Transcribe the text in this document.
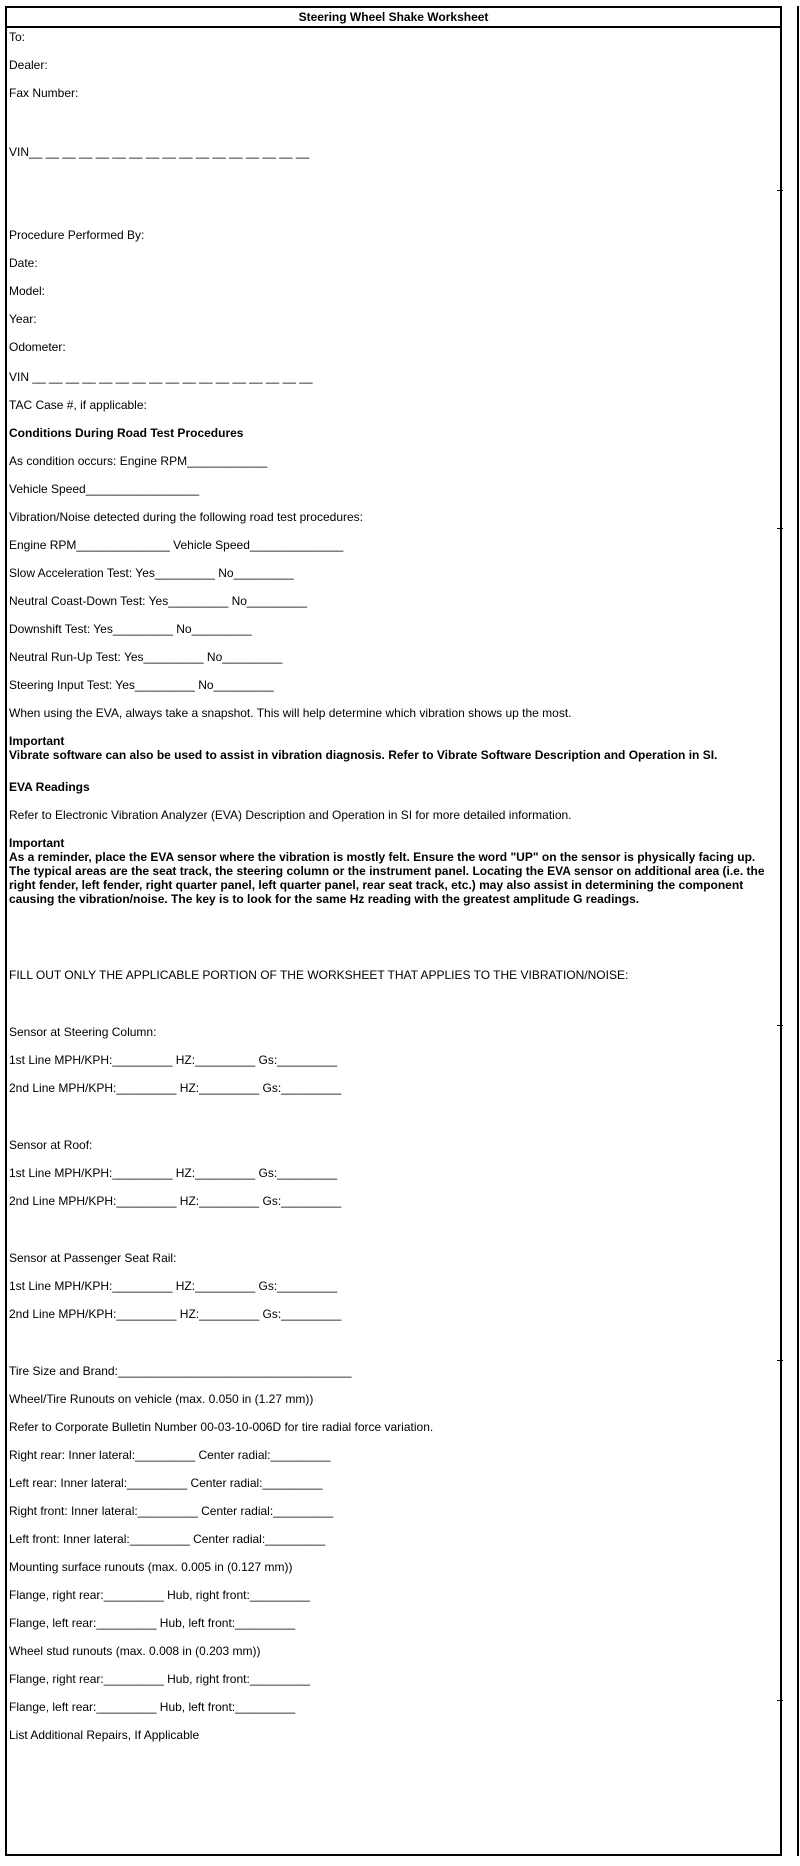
Steering Wheel Shake Worksheet
To:
Dealer:
Fax Number:
VIN__ __ __ __ __ __ __ __ __ __ __ __ __ __ __ __ __
Procedure Performed By:
Date:
Model:
Year:
Odometer:
VIN __ __ __ __ __ __ __ __ __ __ __ __ __ __ __ __ __
TAC Case #, if applicable:
Conditions During Road Test Procedures
As condition occurs: Engine RPM____________
Vehicle Speed_________________
Vibration/Noise detected during the following road test procedures:
Engine RPM______________ Vehicle Speed______________
Slow Acceleration Test: Yes_________ No_________
Neutral Coast-Down Test: Yes_________ No_________
Downshift Test: Yes_________ No_________
Neutral Run-Up Test: Yes_________ No_________
Steering Input Test: Yes_________ No_________
When using the EVA, always take a snapshot. This will help determine which vibration shows up the most.
Important
Vibrate software can also be used to assist in vibration diagnosis. Refer to Vibrate Software Description and Operation in SI.
EVA Readings
Refer to Electronic Vibration Analyzer (EVA) Description and Operation in SI for more detailed information.
Important
As a reminder, place the EVA sensor where the vibration is mostly felt. Ensure the word "UP" on the sensor is physically facing up. The typical areas are the seat track, the steering column or the instrument panel. Locating the EVA sensor on additional area (i.e. the right fender, left fender, right quarter panel, left quarter panel, rear seat track, etc.) may also assist in determining the component causing the vibration/noise. The key is to look for the same Hz reading with the greatest amplitude G readings.
FILL OUT ONLY THE APPLICABLE PORTION OF THE WORKSHEET THAT APPLIES TO THE VIBRATION/NOISE:
Sensor at Steering Column:
1st Line MPH/KPH:_________ HZ:_________ Gs:_________
2nd Line MPH/KPH:_________ HZ:_________ Gs:_________
Sensor at Roof:
1st Line MPH/KPH:_________ HZ:_________ Gs:_________
2nd Line MPH/KPH:_________ HZ:_________ Gs:_________
Sensor at Passenger Seat Rail:
1st Line MPH/KPH:_________ HZ:_________ Gs:_________
2nd Line MPH/KPH:_________ HZ:_________ Gs:_________
Tire Size and Brand:___________________________________
Wheel/Tire Runouts on vehicle (max. 0.050 in (1.27 mm))
Refer to Corporate Bulletin Number 00-03-10-006D for tire radial force variation.
Right rear: Inner lateral:_________ Center radial:_________
Left rear: Inner lateral:_________ Center radial:_________
Right front: Inner lateral:_________ Center radial:_________
Left front: Inner lateral:_________ Center radial:_________
Mounting surface runouts (max. 0.005 in (0.127 mm))
Flange, right rear:_________ Hub, right front:_________
Flange, left rear:_________ Hub, left front:_________
Wheel stud runouts (max. 0.008 in (0.203 mm))
Flange, right rear:_________ Hub, right front:_________
Flange, left rear:_________ Hub, left front:_________
List Additional Repairs, If Applicable
